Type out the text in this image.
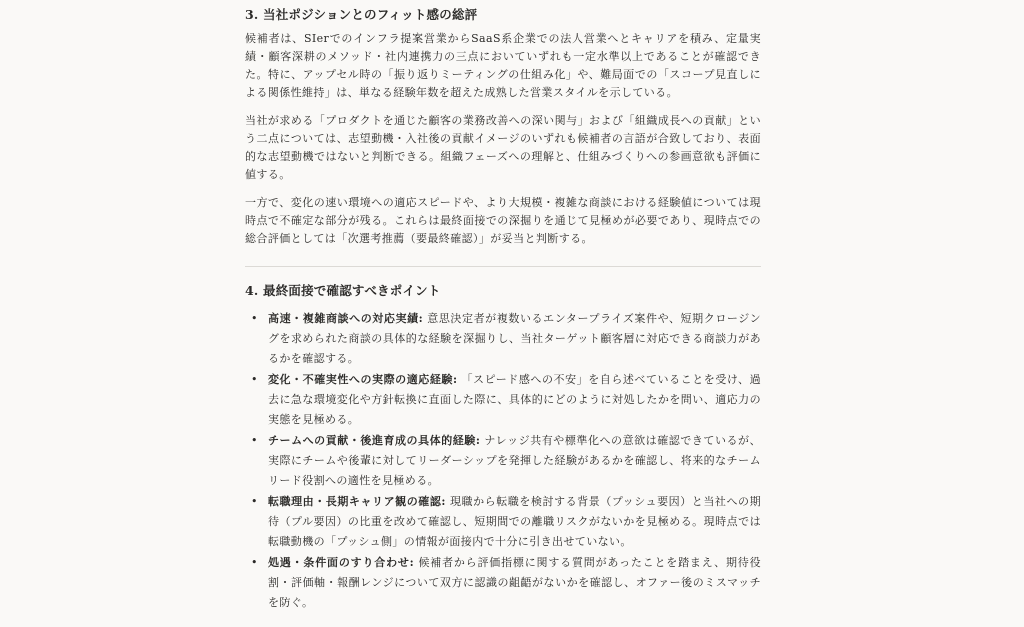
3. 当社ポジションとのフィット感の総評

候補者は、SIerでのインフラ提案営業からSaaS系企業での法人営業へとキャリアを積み、定量実績・顧客深耕のメソッド・社内連携力の三点においていずれも一定水準以上であることが確認できた。特に、アップセル時の「振り返りミーティングの仕組み化」や、難局面での「スコープ見直しによる関係性維持」は、単なる経験年数を超えた成熟した営業スタイルを示している。

当社が求める「プロダクトを通じた顧客の業務改善への深い関与」および「組織成長への貢献」という二点については、志望動機・入社後の貢献イメージのいずれも候補者の言語が合致しており、表面的な志望動機ではないと判断できる。組織フェーズへの理解と、仕組みづくりへの参画意欲も評価に値する。

一方で、変化の速い環境への適応スピードや、より大規模・複雑な商談における経験値については現時点で不確定な部分が残る。これらは最終面接での深掘りを通じて見極めが必要であり、現時点での総合評価としては「次選考推薦（要最終確認）」が妥当と判断する。

4. 最終面接で確認すべきポイント
• 高速・複雑商談への対応実績: 意思決定者が複数いるエンタープライズ案件や、短期クロージングを求められた商談の具体的な経験を深掘りし、当社ターゲット顧客層に対応できる商談力があるかを確認する。
• 変化・不確実性への実際の適応経験: 「スピード感への不安」を自ら述べていることを受け、過去に急な環境変化や方針転換に直面した際に、具体的にどのように対処したかを問い、適応力の実態を見極める。
• チームへの貢献・後進育成の具体的経験: ナレッジ共有や標準化への意欲は確認できているが、実際にチームや後輩に対してリーダーシップを発揮した経験があるかを確認し、将来的なチームリード役割への適性を見極める。
• 転職理由・長期キャリア観の確認: 現職から転職を検討する背景（プッシュ要因）と当社への期待（プル要因）の比重を改めて確認し、短期間での離職リスクがないかを見極める。現時点では転職動機の「プッシュ側」の情報が面接内で十分に引き出せていない。
• 処遇・条件面のすり合わせ: 候補者から評価指標に関する質問があったことを踏まえ、期待役割・評価軸・報酬レンジについて双方に認識の齟齬がないかを確認し、オファー後のミスマッチを防ぐ。
